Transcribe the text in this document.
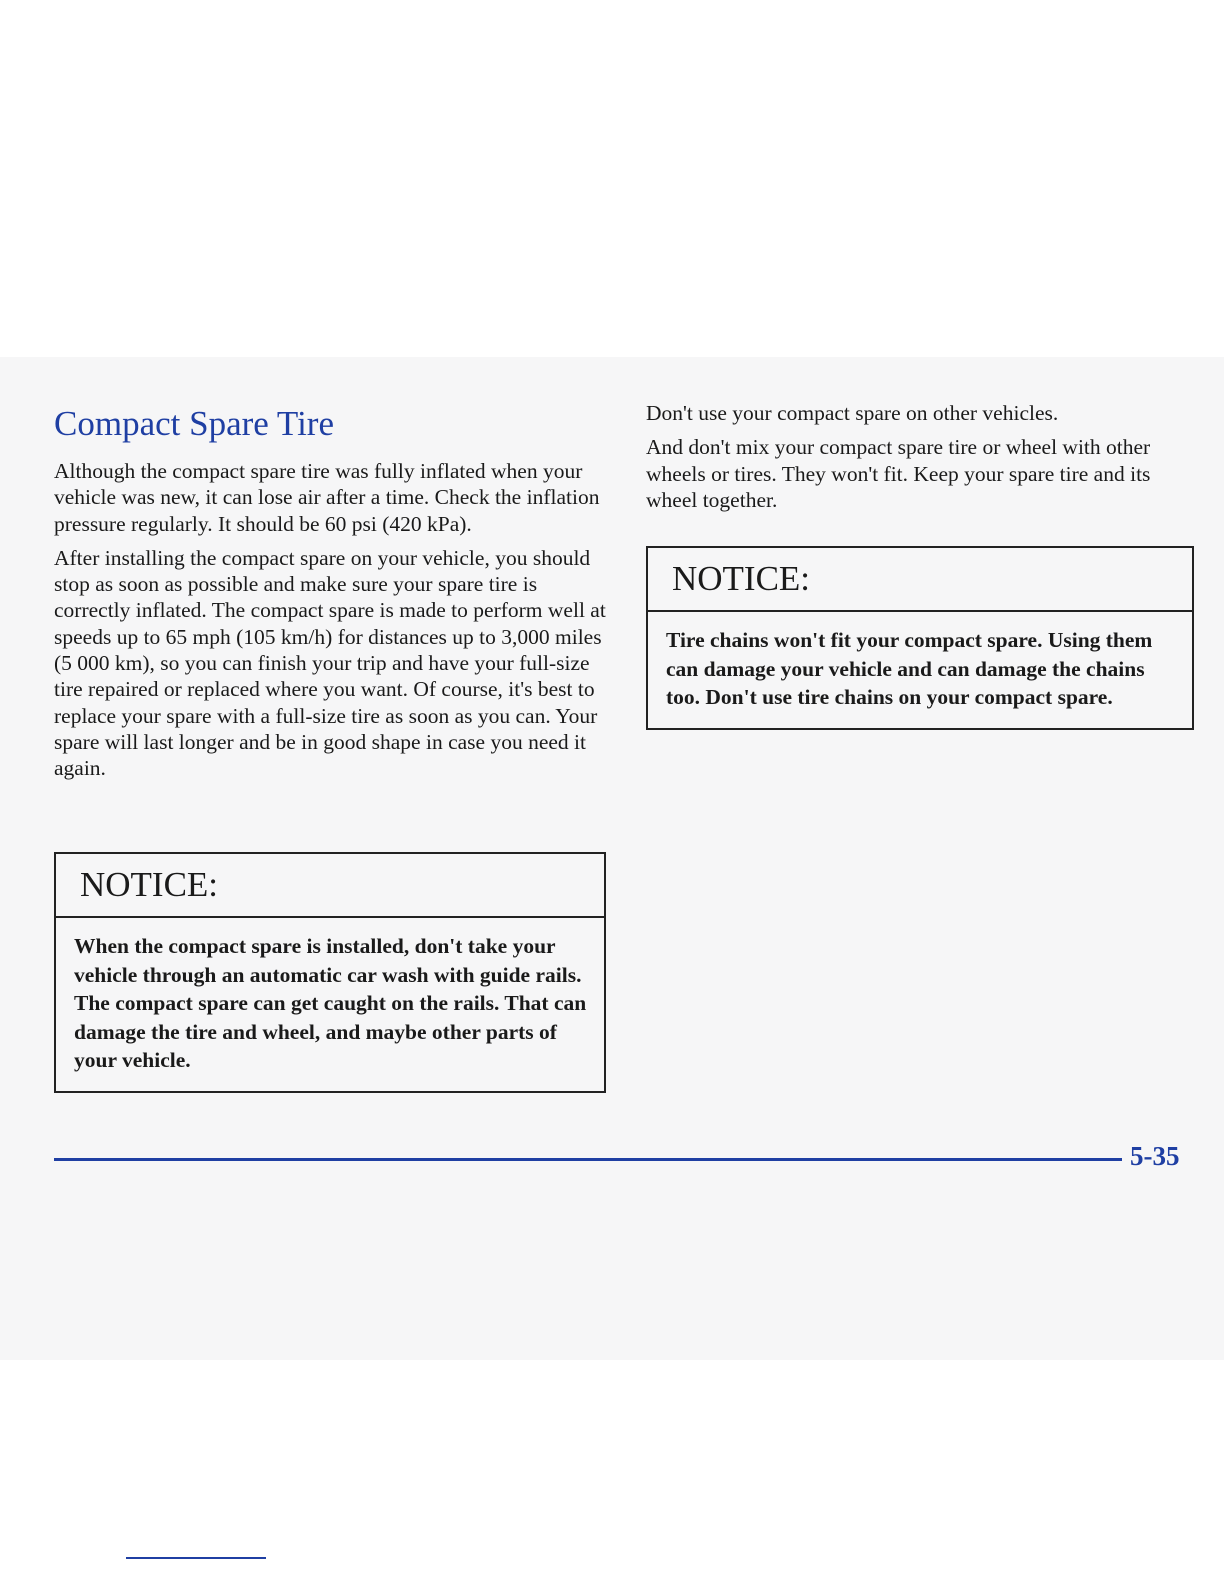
Compact Spare Tire

Although the compact spare tire was fully inflated when your vehicle was new, it can lose air after a time. Check the inflation pressure regularly. It should be 60 psi (420 kPa).

After installing the compact spare on your vehicle, you should stop as soon as possible and make sure your spare tire is correctly inflated. The compact spare is made to perform well at speeds up to 65 mph (105 km/h) for distances up to 3,000 miles (5 000 km), so you can finish your trip and have your full-size tire repaired or replaced where you want. Of course, it's best to replace your spare with a full-size tire as soon as you can. Your spare will last longer and be in good shape in case you need it again.

NOTICE:
When the compact spare is installed, don't take your vehicle through an automatic car wash with guide rails. The compact spare can get caught on the rails. That can damage the tire and wheel, and maybe other parts of your vehicle.

Don't use your compact spare on other vehicles.

And don't mix your compact spare tire or wheel with other wheels or tires. They won't fit. Keep your spare tire and its wheel together.

NOTICE:
Tire chains won't fit your compact spare. Using them can damage your vehicle and can damage the chains too. Don't use tire chains on your compact spare.
5-35
